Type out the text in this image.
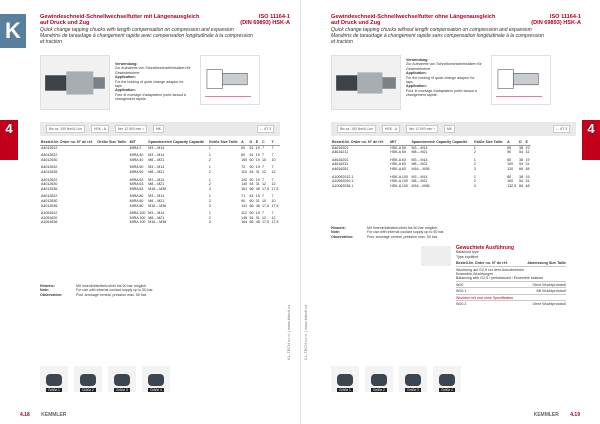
K
Gewindeschneid-Schnellwechselfutter mit Längenausgleich
auf Druck und Zug
ISO 11164-1
(DIN 69893) HSK-A
Quick change tapping chucks with length compensation on compression and expansion
Mandrins de taraudage à changement rapide avec compensation longitudinale à la compression
et traction
Verwendung:
Zur Aufnahme von Schnellwechseleinsätzen für
Gewindebohrer
Application:
For the holding of quick change adaptor for
taps
Application:
Pour le montage d'adaptateur porte-taraud à
changement rapide.
4	Bis ca. 150 Nm/U-Lim	HSK - A	Nm 12.500 min⁻¹	MK	← AT 3
Bestell-Nr. Order no. N° de réf.	Größe Size Taille	MIT	Spannbereich Capacity Capacité	Größe Size Taille	A	D	E	C	T
A4012612		MIRA 2	M3 – M14	1	60	61	19	7	7

A4012622		MIRA 40	M3 – M14	1	60	61	19	7	7
A4012630		MIRA 40	M8 – M21	2	100	60	19	10	10

A4012632		MIRA 50	M3 – M14	1	72	50	19	7	7
A4012635		MIRA 50	M8 – M21	2	110	54	31	12	12

A4012622		MIRA 63	M3 – M14	1	102	50	19	7	7
A4012630		MIRA 63	M8 – M21	2	140	54	31	12	12
A4012636		MIRA 63	M16 – M36	3	161	66	48	17,5	17,5

A4012622		MIRA 80	M3 – M14	1	71	61	19	7	7
A4012630		MIRA 80	M8 – M21	2	90	60	31	10	10
A4012636		MIRA 80	M16 – M36	3	141	66	48	17,5	17,5

A1051612		MIRA 100	M3 – M14	1	112	50	19	7	7
A1051620		MIRA 100	M8 – M21	2	146	54	31	12	12
A1051636		MIRA 100	M16 – M36	3	164	66	48	17,5	17,5
Hinweis:	Mit Innenkühlmittelzufuhr bis 50 bar möglich.
Note:	For use with internal coolant supply up to 50 bar.
Observation:	Pour arrosage central, pression max. 50 bar.
Größe 1	Größe 2	Größe 3	Größe 4
KL-TECH s.r.o. | www.kltech.cz
4.18 KEMMLER
Gewindeschneid-Schnellwechselfutter ohne Längenausgleich
auf Druck und Zug
ISO 11164-1
(DIN 69893) HSK-A
Quick change tapping chucks without length compensation on compression and expansion
Mandrins de taraudage à changement rapide sans compensation longitudinale à la compression
et traction
Verwendung:
Zur Aufnahme von Schnellwechseleinsätzen für
Gewindebohrer
Application:
For the holding of quick change adaptor for
taps
Application:
Pour le montage d'adaptateur porte-taraud à
changement rapide.
4
Bis ca. 150 Nm/U-Lim	HSK - A	Nm 12.500 min⁻¹	MK	← AT 3
Bestell-Nr. Order no. N° de réf.	MIT	Spannbereich Capacity Capacité	Größe Size Taille	A	D	E
A4616201	HSK-A 50	M3 – M14	1	65	38	19
A4616211	HSK-A 50	M8 – M21	2	90	54	31

A4616201	HSK-A 63	M3 – M14	1	65	38	19
A4616211	HSK-A 63	M8 – M21	2	100	54	31
A4616251	HSK-A 63	M16 – M36	3	120	66	48

A10062012.1	HSK-A 100	M3 – M14	1	80	38	19
A10062020.1	HSK-A 100	M8 – M21	2	100	54	31
A10062036.1	HSK-A 100	M16 – M36	3	132,5	66	48
Hinweis:	Mit Innenkühlmittelzufuhr bis 50 bar möglich.
Note:	For use with internal coolant supply up to 50 bar.
Observation:	Pour arrosage central, pression max. 50 bar.
Gewuchtete Ausführung
Balanced type
Type équilibré
Bestell-Nr. Order no. N° de réf.	Abmessung Size Taille
Wuchtung auf G2,5 vor dem Aufzubehören
Ensemble-Wuchtungen
Balancing with G2,5 / prebalanced / Ensemble balance
W20	Ohne Wuchtprotokoll
W20.1	Mit Wuchtprotokoll
Wuchten mit und ohne Spezifikation
W20.2	Ohne Wuchtprotokoll
Größe 1	Größe 2	Größe 3	Größe 4
KL-TECH s.r.o. | www.kltech.cz
KEMMLER 4.19
